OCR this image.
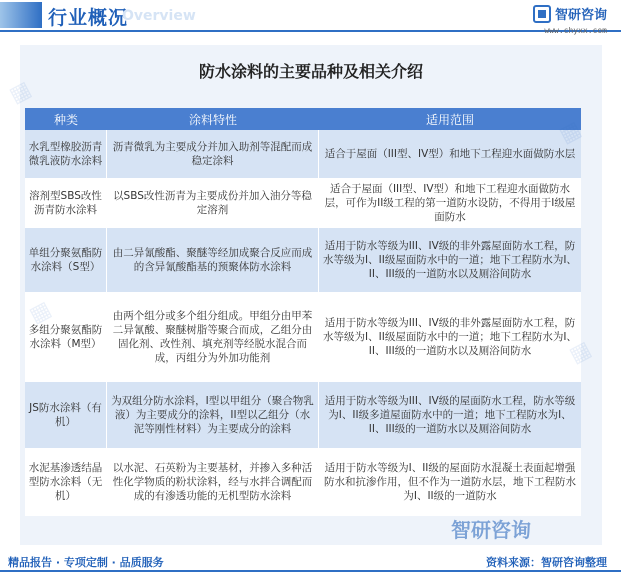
行业概况
Overview	智研咨询
www.chyxx.com
防水涂料的主要品种及相关介绍
种类	涂料特性	适用范围
水乳型橡胶沥青微乳液防水涂料	沥青微乳为主要成分并加入助剂等混配而成稳定涂料	适合于屋面（III型、IV型）和地下工程迎水面做防水层
溶剂型SBS改性沥青防水涂料	以SBS改性沥青为主要成份并加入油分等稳定溶剂	适合于屋面（III型、IV型）和地下工程迎水面做防水层，可作为II级工程的第一道防水设防，不得用于I级屋面防水
单组分聚氨酯防水涂料（S型）	由二异氰酸酯、聚醚等经加成聚合反应而成的含异氰酸酯基的预聚体防水涂料	适用于防水等级为III、IV级的非外露屋面防水工程，防水等级为I、II级屋面防水中的一道；地下工程防水为I、II、III级的一道防水以及厕浴间防水
多组分聚氨酯防水涂料（M型）	由两个组分或多个组分组成。甲组分由甲苯二异氰酸、聚醚树脂等聚合而成，乙组分由固化剂、改性剂、填充剂等经脱水混合而成，丙组分为外加功能剂	适用于防水等级为III、IV级的非外露屋面防水工程，防水等级为I、II级屋面防水中的一道；地下工程防水为I、II、III级的一道防水以及厕浴间防水
JS防水涂料（有机）	为双组分防水涂料，I型以甲组分（聚合物乳液）为主要成分的涂料，II型以乙组分（水泥等刚性材料）为主要成分的涂料	适用于防水等级为III、IV级的屋面防水工程，防水等级为I、II级多道屋面防水中的一道；地下工程防水为I、II、III级的一道防水以及厕浴间防水
水泥基渗透结晶型防水涂料（无机）	以水泥、石英粉为主要基材，并掺入多种活性化学物质的粉状涂料，经与水拌合调配而成的有渗透功能的无机型防水涂料	适用于防水等级为I、II级的屋面防水混凝土表面起增强防水和抗渗作用，但不作为一道防水层，地下工程防水为I、II级的一道防水
智研咨询
精品报告 · 专项定制 · 品质服务	资料来源：智研咨询整理
